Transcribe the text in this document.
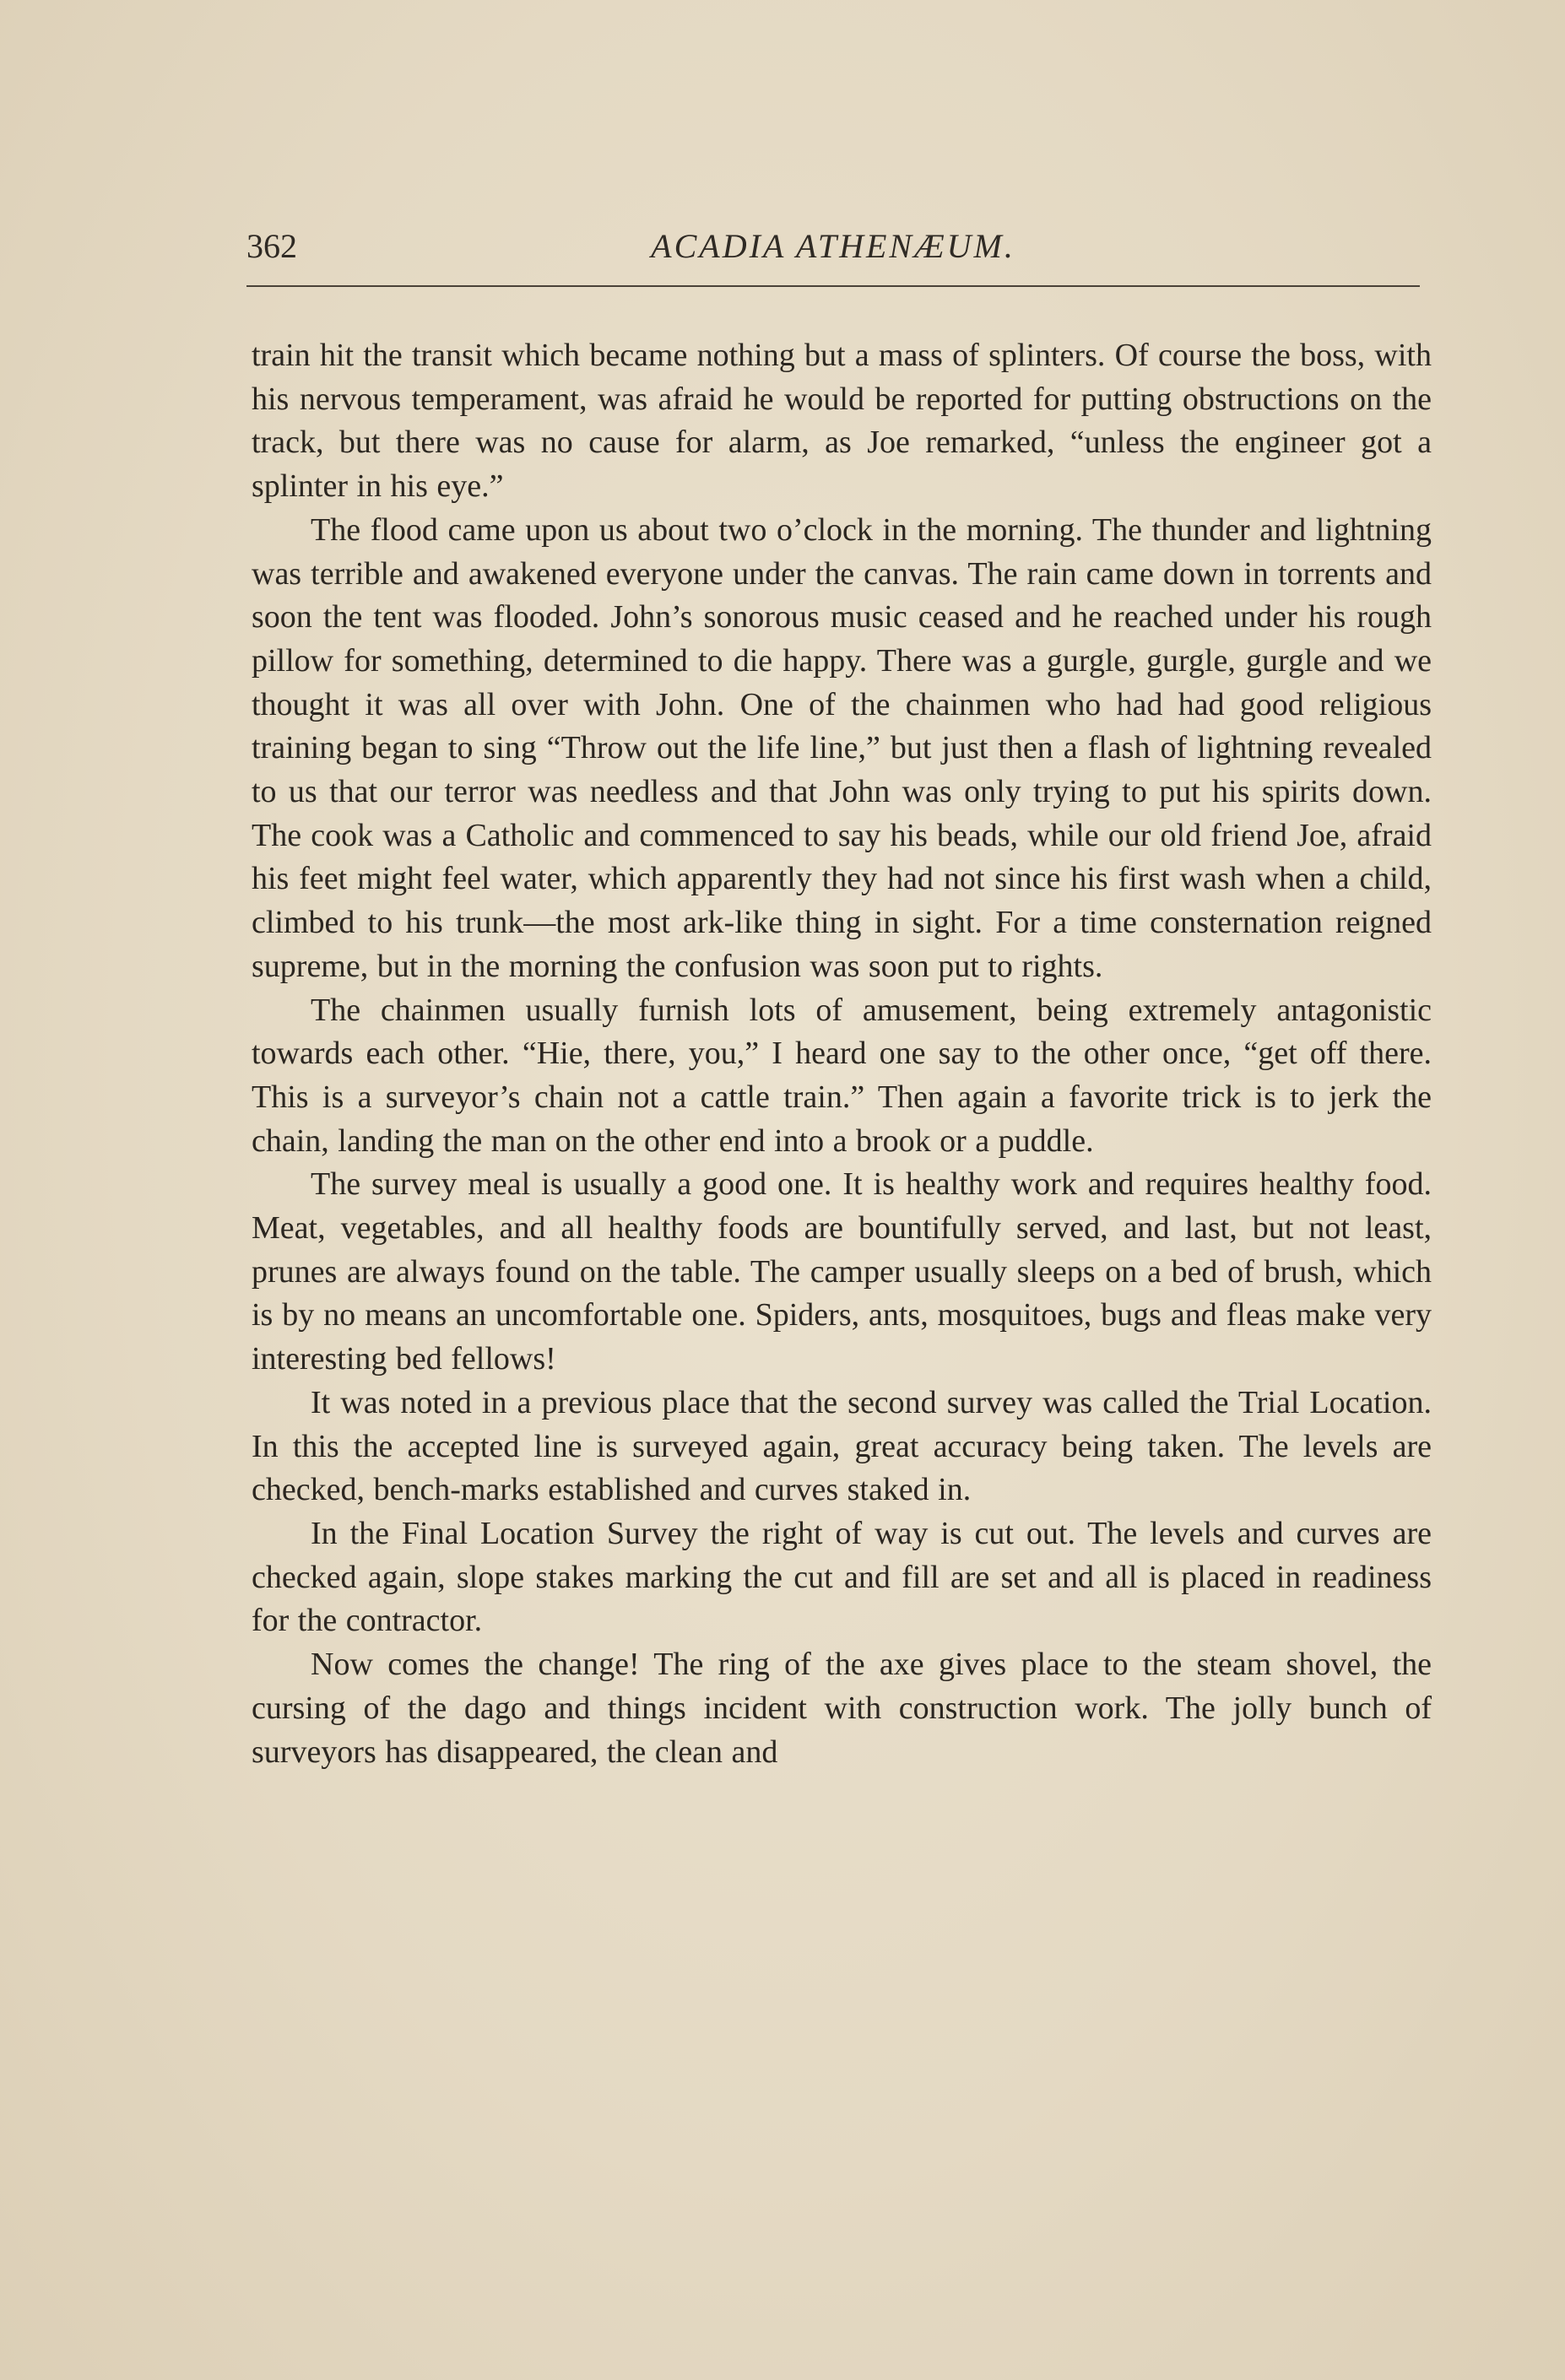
362	ACADIA ATHENÆUM.

train hit the transit which became nothing but a mass of splinters. Of course the boss, with his nervous temperament, was afraid he would be reported for putting obstructions on the track, but there was no cause for alarm, as Joe remarked, “unless the engineer got a splinter in his eye.”

The flood came upon us about two o’clock in the morning. The thunder and lightning was terrible and awakened everyone under the canvas. The rain came down in torrents and soon the tent was flooded. John’s sonorous music ceased and he reached under his rough pillow for something, determined to die happy. There was a gurgle, gurgle, gurgle and we thought it was all over with John. One of the chainmen who had had good religious training began to sing “Throw out the life line,” but just then a flash of lightning revealed to us that our terror was needless and that John was only trying to put his spirits down. The cook was a Catholic and commenced to say his beads, while our old friend Joe, afraid his feet might feel water, which apparently they had not since his first wash when a child, climbed to his trunk—the most ark-like thing in sight. For a time consternation reigned supreme, but in the morning the confusion was soon put to rights.

The chainmen usually furnish lots of amusement, being extremely antagonistic towards each other. “Hie, there, you,” I heard one say to the other once, “get off there. This is a surveyor’s chain not a cattle train.” Then again a favorite trick is to jerk the chain, landing the man on the other end into a brook or a puddle.

The survey meal is usually a good one. It is healthy work and requires healthy food. Meat, vegetables, and all healthy foods are bountifully served, and last, but not least, prunes are always found on the table. The camper usually sleeps on a bed of brush, which is by no means an uncomfortable one. Spiders, ants, mosquitoes, bugs and fleas make very interesting bed fellows!

It was noted in a previous place that the second survey was called the Trial Location. In this the accepted line is surveyed again, great accuracy being taken. The levels are checked, bench-marks established and curves staked in.

In the Final Location Survey the right of way is cut out. The levels and curves are checked again, slope stakes marking the cut and fill are set and all is placed in readiness for the contractor.

Now comes the change! The ring of the axe gives place to the steam shovel, the cursing of the dago and things incident with construction work. The jolly bunch of surveyors has disappeared, the clean and
